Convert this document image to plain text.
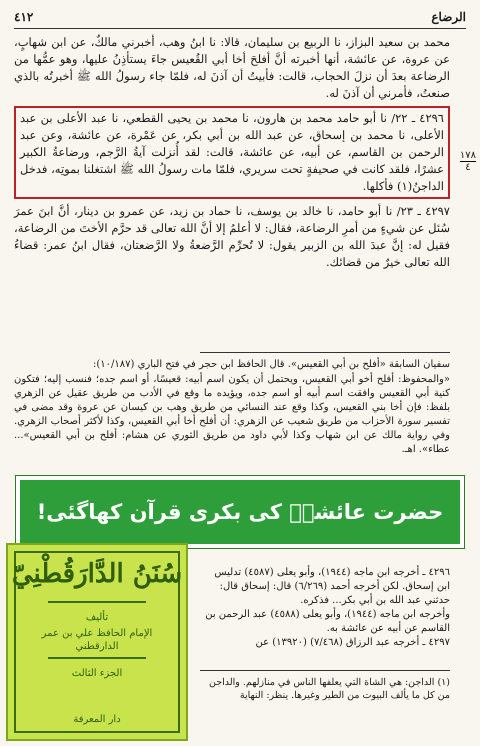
٤١٢	الرضاع
١٧٨
٤

محمد بن سعيد البزاز، نا الربيع بن سليمان، قالا: نا ابنُ وهب، أخبرني مالكٌ، عن ابن شهابٍ، عن عروة، عن عائشة، أنها أخبرته أنَّ أفلحَ أخا أبي القُعيس جاءَ يستأذِنُ عليها، وهو عمُّها من الرضاعة بعدَ أن نزلَ الحجاب، قالت: فأبيتُ أن آذنَ له، فلمّا جاء رسولُ الله ﷺ أخبرتُه بالذي صنعتُ، فأمرني أن آذنَ له.

٤٢٩٦ ـ ٢٢/ نا أبو حامد محمد بن هارون، نا محمد بن يحيى القطعي، نا عبد الأعلى بن عبد الأعلى، نا محمد بن إسحاق، عن عبد الله بن أبي بكر، عن عَمْرة، عن عائشة، وعن عبد الرحمن بن القاسم، عن أبيه، عن عائشة، قالت: لقد أُنزلت آيةُ الرَّجم، ورضاعةُ الكبير عشرًا، فلقد كانت في صحيفةٍ تحت سريري، فلمّا مات رسولُ الله ﷺ اشتغلنا بموتِه، فدخل الداجنُ(١) فأكلها.

٤٢٩٧ ـ ٢٣/ نا أبو حامد، نا خالد بن يوسف، نا حماد بن زيد، عن عمرو بن دينار، أنَّ ابنَ عمرَ سُئل عن شيءٍ من أمرِ الرضاعة، فقال: لا أعلمُ إلا أنَّ الله تعالى قد حرَّم الأختَ من الرضاعة، فقيل له: إنَّ عبدَ الله بن الزبير يقول: لا تُحرِّم الرَّضعةُ ولا الرَّضعتان، فقال ابنُ عمر: قضاءُ الله تعالى خيرٌ من قضائك.

سفيان السابقة «أفلح بن أبي القعيس». قال الحافظ ابن حجر في فتح الباري (١٠/١٨٧):

«والمحفوظ: أفلح أخو أبي القعيس، ويحتمل أن يكون اسم أبيه: قعيسًا، أو اسم جده؛ فنسب إليه؛ فتكون كنية أبي القعيس وافقت اسم أبيه أو اسم جده، ويؤيده ما وقع في الأدب من طريق عقيل عن الزهري بلفظ: فإن أخا بني القعيس، وكذا وقع عند النسائي من طريق وهب بن كيسان عن عروة وقد مضى في تفسير سورة الأحزاب من طريق شعيب عن الزهري: أن أفلح أخا أبي القعيس، وكذا لأكثر أصحاب الزهري. وفي رواية مالك عن ابن شهاب وكذا لأبي داود من طريق الثوري عن هشام: أفلح بن أبي القعيس»... عطاء». اهـ.

٤٢٩٦ ـ أخرجه ابن ماجه (١٩٤٤)، وأبو يعلى (٤٥٨٧) تدليس ابن إسحاق. لكن أخرجه أحمد (٦/٢٦٩) قال: إسحاق قال: حدثني عبد الله بن أبي بكر... فذكره.

وأخرجه ابن ماجه (١٩٤٤)، وأبو يعلى (٤٥٨٨) عبد الرحمن بن القاسم عن أبيه عن عائشة به.

٤٢٩٧ ـ أخرجه عبد الرزاق (٧/٤٦٨) (١٣٩٢٠) عن

(١) الداجن: هي الشاة التي يعلفها الناس في منازلهم. والداجن من كل ما يألف البيوت من الطير وغيرها. ينظر: النهاية
حضرت عائشہؓ کی بکری قرآن کھاگئی!
سُنَنُ الدَّارَقُطْنِيّ
تأليف
الإمام الحافظ علي بن عمر الدارقطني
الجزء الثالث
دار المعرفة
